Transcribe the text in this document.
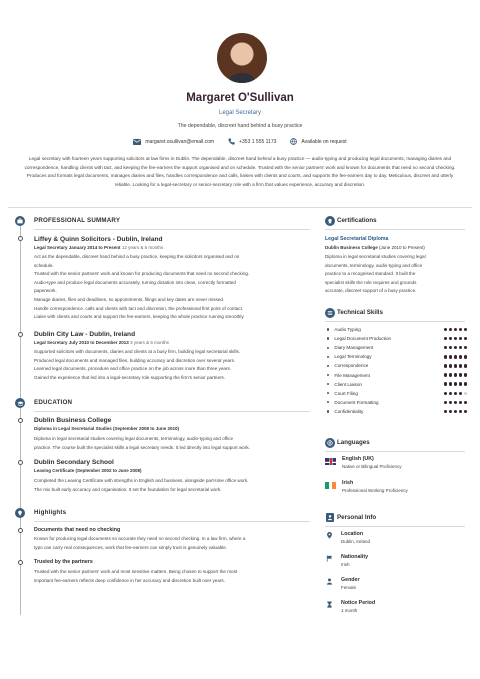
Margaret O'Sullivan
Legal Secretary
The dependable, discreet hand behind a busy practice
margaret.osullivan@email.com	+353 1 555 1173	Available on request
Legal secretary with fourteen years supporting solicitors at law firms in Dublin. The dependable, discreet hand behind a busy practice — audio-typing and producing legal documents, managing diaries and correspondence, handling clients with tact, and keeping the fee-earners the support organised and on schedule. Trusted with the senior partners' work and known for documents that need no second checking. Produces and formats legal documents, manages diaries and files, handles correspondence and calls, liaises with clients and courts, and supports the fee-earners day to day. Meticulous, discreet and utterly reliable. Looking for a legal-secretary or senior-secretary role with a firm that values experience, accuracy and discretion.
PROFESSIONAL SUMMARY
Liffey & Quinn Solicitors - Dublin, Ireland
Legal Secretary January 2014 to Present 12 years & 5 months
Act as the dependable, discreet hand behind a busy practice, keeping the solicitors organised and on
schedule.
Trusted with the senior partners' work and known for producing documents that need no second checking.
Audio-type and produce legal documents accurately, turning dictation into clean, correctly formatted
paperwork.
Manage diaries, files and deadlines, so appointments, filings and key dates are never missed.
Handle correspondence, calls and clients with tact and discretion, the professional first point of contact.
Liaise with clients and courts and support the fee-earners, keeping the whole practice running smoothly.
Dublin City Law - Dublin, Ireland
Legal Secretary July 2010 to December 2013 3 years & 6 months
Supported solicitors with documents, diaries and clients at a busy firm, building legal secretarial skills.
Produced legal documents and managed files, building accuracy and discretion over several years.
Learned legal documents, procedure and office practice on the job across more than three years.
Gained the experience that led into a legal-secretary role supporting the firm's senior partners.
EDUCATION
Dublin Business College
Diploma in Legal Secretarial Studies (September 2008 to June 2010)
Diploma in legal secretarial studies covering legal documents, terminology, audio-typing and office
practice. The course built the specialist skills a legal secretary needs. It led directly into legal support work.
Dublin Secondary School
Leaving Certificate (September 2002 to June 2008)
Completed the Leaving Certificate with strengths in English and business, alongside part-time office work.
The mix built early accuracy and organisation. It set the foundation for legal secretarial work.
Highlights
Documents that need no checking
Known for producing legal documents so accurate they need no second checking. In a law firm, where a
typo can carry real consequences, work that fee-earners can simply trust is genuinely valuable.
Trusted by the partners
Trusted with the senior partners' work and most sensitive matters. Being chosen to support the most
important fee-earners reflects deep confidence in her accuracy and discretion built over years.
Certifications
Legal Secretarial Diploma
Dublin Business College (June 2010 to Present)
Diploma in legal secretarial studies covering legal
documents, terminology, audio-typing and office
practice to a recognised standard. It built the
specialist skills the role requires and grounds
accurate, discreet support of a busy practice.
Technical Skills
Audio Typing
Legal Document Production
Diary Management
Legal Terminology
Correspondence
File Management
Client Liaison
Court Filing
Document Formatting
Confidentiality
Languages
English (UK)
Native or Bilingual Proficiency
Irish
Professional Working Proficiency
Personal Info
Location
Dublin, Ireland
Nationality
Irish
Gender
Female
Notice Period
1 month
